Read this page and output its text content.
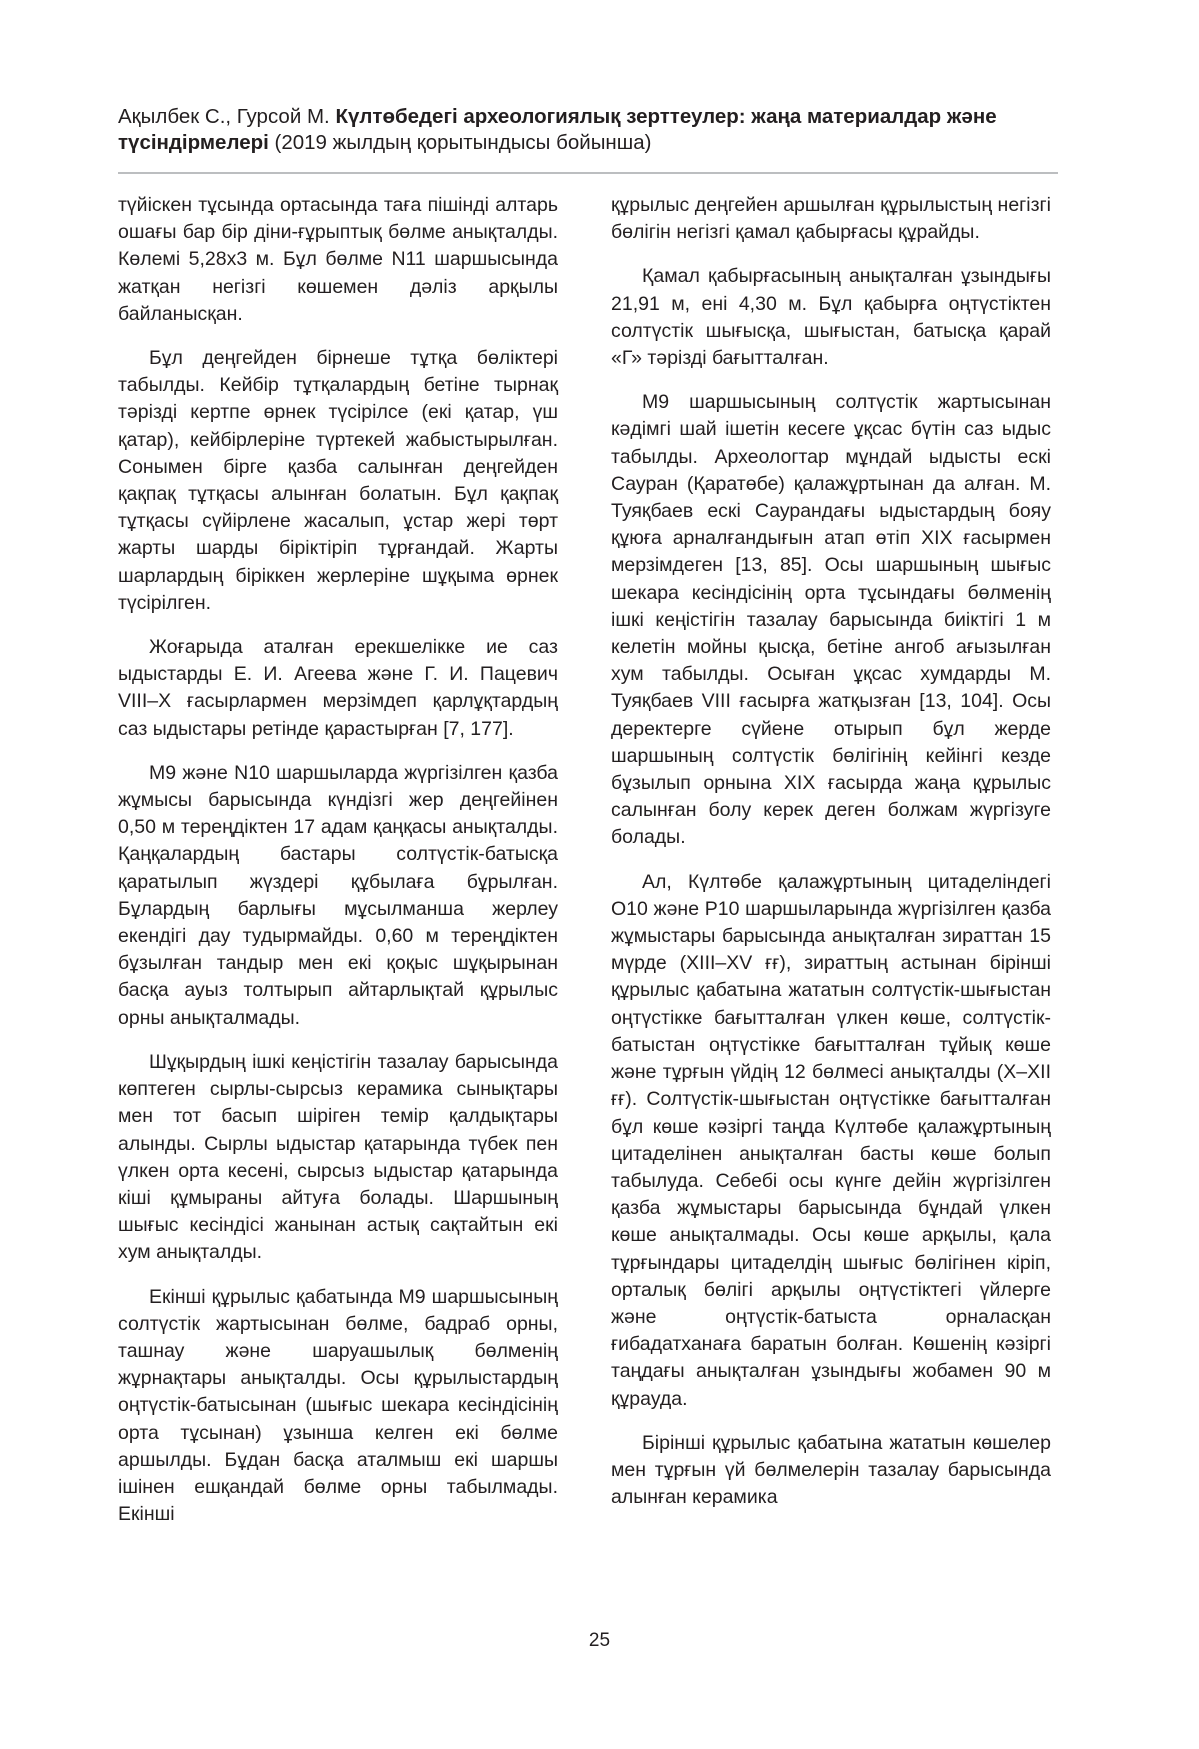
Ақылбек С., Гурсой М. Күлтөбедегі археологиялық зерттеулер: жаңа материалдар және түсіндірмелері (2019 жылдың қорытындысы бойынша)

түйіскен тұсында ортасында таға пішінді алтарь ошағы бар бір діни-ғұрыптық бөлме анықталды. Көлемі 5,28х3 м. Бұл бөлме N11 шаршысында жатқан негізгі көшемен дәліз арқылы байланысқан.

Бұл деңгейден бірнеше тұтқа бөліктері табылды. Кейбір тұтқалардың бетіне тырнақ тәрізді кертпе өрнек түсірілсе (екі қатар, үш қатар), кейбірлеріне түртекей жабыстырылған. Сонымен бірге қазба салынған деңгейден қақпақ тұтқасы алынған болатын. Бұл қақпақ тұтқасы сүйірлене жасалып, ұстар жері төрт жарты шарды біріктіріп тұрғандай. Жарты шарлардың біріккен жерлеріне шұқыма өрнек түсірілген.

Жоғарыда аталған ерекшелікке ие саз ыдыстарды Е. И. Агеева және Г. И. Пацевич VIII–X ғасырлармен мерзімдеп қарлұқтардың саз ыдыстары ретінде қарастырған [7, 177].

М9 және N10 шаршыларда жүргізілген қазба жұмысы барысында күндізгі жер деңгейінен 0,50 м тереңдіктен 17 адам қаңқасы анықталды. Қаңқалардың бастары солтүстік-батысқа қаратылып жүздері құбылаға бұрылған. Бұлардың барлығы мұсылманша жерлеу екендігі дау тудырмайды. 0,60 м тереңдіктен бұзылған тандыр мен екі қоқыс шұқырынан басқа ауыз толтырып айтарлықтай құрылыс орны анықталмады.

Шұқырдың ішкі кеңістігін тазалау барысында көптеген сырлы-сырсыз керамика сынықтары мен тот басып шіріген темір қалдықтары алынды. Сырлы ыдыстар қатарында түбек пен үлкен орта кесені, сырсыз ыдыстар қатарында кіші құмыраны айтуға болады. Шаршының шығыс кесіндісі жанынан астық сақтайтын екі хум анықталды.

Екінші құрылыс қабатында М9 шаршысының солтүстік жартысынан бөлме, бадраб орны, ташнау және шаруашылық бөлменің жұрнақтары анықталды. Осы құрылыстардың оңтүстік-батысынан (шығыс шекара кесіндісінің орта тұсынан) ұзынша келген екі бөлме аршылды. Бұдан басқа аталмыш екі шаршы ішінен ешқандай бөлме орны табылмады. Екінші

құрылыс деңгейен аршылған құрылыстың негізгі бөлігін негізгі қамал қабырғасы құрайды.

Қамал қабырғасының анықталған ұзындығы 21,91 м, ені 4,30 м. Бұл қабырға оңтүстіктен солтүстік шығысқа, шығыстан, батысқа қарай «Г» тәрізді бағытталған.

М9 шаршысының солтүстік жартысынан кәдімгі шай ішетін кесеге ұқсас бүтін саз ыдыс табылды. Археологтар мұндай ыдысты ескі Сауран (Қаратөбе) қалажұртынан да алған. М. Туяқбаев ескі Саурандағы ыдыстардың бояу құюға арналғандығын атап өтіп XIX ғасырмен мерзімдеген [13, 85]. Осы шаршының шығыс шекара кесіндісінің орта тұсындағы бөлменің ішкі кеңістігін тазалау барысында биіктігі 1 м келетін мойны қысқа, бетіне ангоб ағызылған хум табылды. Осыған ұқсас хумдарды М. Туяқбаев VIII ғасырға жатқызған [13, 104]. Осы деректерге сүйене отырып бұл жерде шаршының солтүстік бөлігінің кейінгі кезде бұзылып орнына XIX ғасырда жаңа құрылыс салынған болу керек деген болжам жүргізуге болады.

Ал, Күлтөбе қалажұртының цитаделіндегі О10 және Р10 шаршыларында жүргізілген қазба жұмыстары барысында анықталған зираттан 15 мүрде (XIII–XV ғғ), зираттың астынан бірінші құрылыс қабатына жататын солтүстік-шығыстан оңтүстікке бағытталған үлкен көше, солтүстік-батыстан оңтүстікке бағытталған тұйық көше және тұрғын үйдің 12 бөлмесі анықталды (X–XII ғғ). Солтүстік-шығыстан оңтүстікке бағытталған бұл көше кәзіргі таңда Күлтөбе қалажұртының цитаделінен анықталған басты көше болып табылуда. Себебі осы күнге дейін жүргізілген қазба жұмыстары барысында бұндай үлкен көше анықталмады. Осы көше арқылы, қала тұрғындары цитаделдің шығыс бөлігінен кіріп, орталық бөлігі арқылы оңтүстіктегі үйлерге және оңтүстік-батыста орналасқан ғибадатханаға баратын болған. Көшенің кәзіргі таңдағы анықталған ұзындығы жобамен 90 м құрауда.

Бірінші құрылыс қабатына жататын көшелер мен тұрғын үй бөлмелерін тазалау барысында алынған керамика

25
